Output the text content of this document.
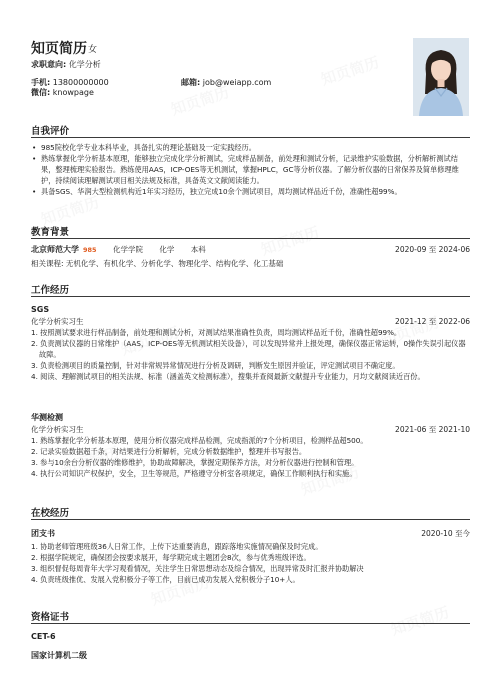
知页简历 女
求职意向: 化学分析
手机: 13800000000	邮箱: job@weiapp.com
微信: knowpage
自我评价
• 985院校化学专业本科毕业，具备扎实的理论基础及一定实践经历。
• 熟练掌握化学分析基本原理，能够独立完成化学分析测试，完成样品制备，前处理和测试分析，记录维护实验数据，分析解析测试结果，整理梳理实验报告。熟练使用AAS，ICP-OES等无机测试，掌握HPLC，GC等分析仪器。了解分析仪器的日常保养及简单修理维护，持续阅读理解测试项目相关法规及标准，具备英文文献阅读能力。
• 具备SGS、华润大型检测机构近1年实习经历，独立完成10余个测试项目，周均测试样品近千份，准确性超99%。
教育背景
北京师范大学 985 化学学院 化学 本科	2020-09 至 2024-06
相关课程: 无机化学、有机化学、分析化学、物理化学、结构化学、化工基础
工作经历
SGS
化学分析实习生	2021-12 至 2022-06
1. 按照测试要求进行样品制备，前处理和测试分析，对测试结果准确性负责，周均测试样品近千份，准确性超99%。
2. 负责测试仪器的日常维护（AAS，ICP-OES等无机测试相关设备），可以发现异常并上报处理，确保仪器正常运转，0操作失误引起仪器故障。
3. 负责检测项目的质量控制，针对非常规异常情况进行分析及调研，判断发生原因并验证，评定测试项目不确定度。
4. 阅读、理解测试项目的相关法规、标准（涵盖英文检测标准），搜集并查阅最新文献提升专业能力，月均文献阅读近百份。
华测检测
化学分析实习生	2021-06 至 2021-10
1. 熟练掌握化学分析基本原理，使用分析仪器完成样品检测，完成指派的7个分析项目，检测样品超500。
2. 记录实验数据超千条，对结果进行分析解析，完成分析数据维护，整理并书写报告。
3. 参与10余台分析仪器的维修维护，协助故障解决，掌握定期保养方法，对分析仪器进行控制和管理。
4. 执行公司知识产权保护，安全，卫生等规范，严格遵守分析室各项规定，确保工作顺利执行和实施。
在校经历
团支书	2020-10 至今
1. 协助老师管理班级36人日常工作，上传下达重要消息，跟踪落地实施情况确保及时完成。
2. 根据学院规定，确保团会按要求展开，每学期完成主题团会8次，参与优秀班级评选。
3. 组织督促每周青年大学习观看情况，关注学生日常思想动态及综合情况，出现异常及时汇报并协助解决
4. 负责班级推优、发展入党积极分子等工作，目前已成功发展入党积极分子10+人。
资格证书
CET-6
国家计算机二级
